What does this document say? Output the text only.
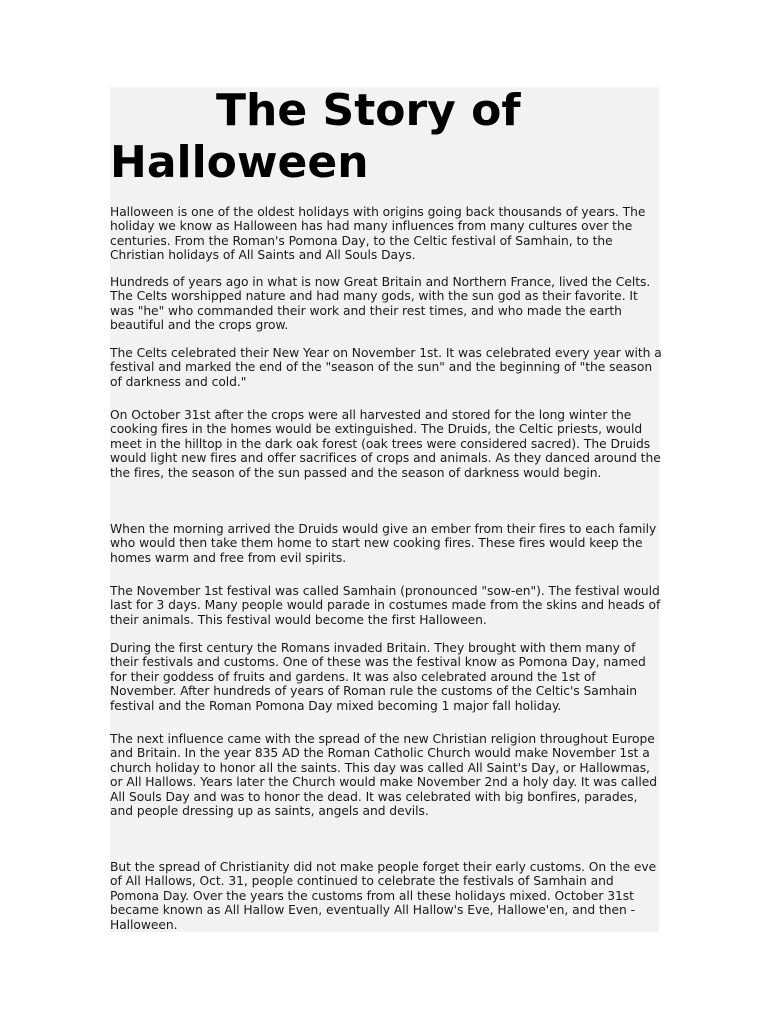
The Story of
Halloween

Halloween is one of the oldest holidays with origins going back thousands of years. The holiday we know as Halloween has had many influences from many cultures over the centuries. From the Roman's Pomona Day, to the Celtic festival of Samhain, to the Christian holidays of All Saints and All Souls Days.

Hundreds of years ago in what is now Great Britain and Northern France, lived the Celts. The Celts worshipped nature and had many gods, with the sun god as their favorite. It was "he" who commanded their work and their rest times, and who made the earth beautiful and the crops grow.

The Celts celebrated their New Year on November 1st. It was celebrated every year with a festival and marked the end of the "season of the sun" and the beginning of "the season of darkness and cold."

On October 31st after the crops were all harvested and stored for the long winter the cooking fires in the homes would be extinguished. The Druids, the Celtic priests, would meet in the hilltop in the dark oak forest (oak trees were considered sacred). The Druids would light new fires and offer sacrifices of crops and animals. As they danced around the the fires, the season of the sun passed and the season of darkness would begin.

When the morning arrived the Druids would give an ember from their fires to each family who would then take them home to start new cooking fires. These fires would keep the homes warm and free from evil spirits.

The November 1st festival was called Samhain (pronounced "sow-en"). The festival would last for 3 days. Many people would parade in costumes made from the skins and heads of their animals. This festival would become the first Halloween.

During the first century the Romans invaded Britain. They brought with them many of their festivals and customs. One of these was the festival know as Pomona Day, named for their goddess of fruits and gardens. It was also celebrated around the 1st of November. After hundreds of years of Roman rule the customs of the Celtic's Samhain festival and the Roman Pomona Day mixed becoming 1 major fall holiday.

The next influence came with the spread of the new Christian religion throughout Europe and Britain. In the year 835 AD the Roman Catholic Church would make November 1st a church holiday to honor all the saints. This day was called All Saint's Day, or Hallowmas, or All Hallows. Years later the Church would make November 2nd a holy day. It was called All Souls Day and was to honor the dead. It was celebrated with big bonfires, parades, and people dressing up as saints, angels and devils.

But the spread of Christianity did not make people forget their early customs. On the eve of All Hallows, Oct. 31, people continued to celebrate the festivals of Samhain and Pomona Day. Over the years the customs from all these holidays mixed. October 31st became known as All Hallow Even, eventually All Hallow's Eve, Hallowe'en, and then - Halloween.
